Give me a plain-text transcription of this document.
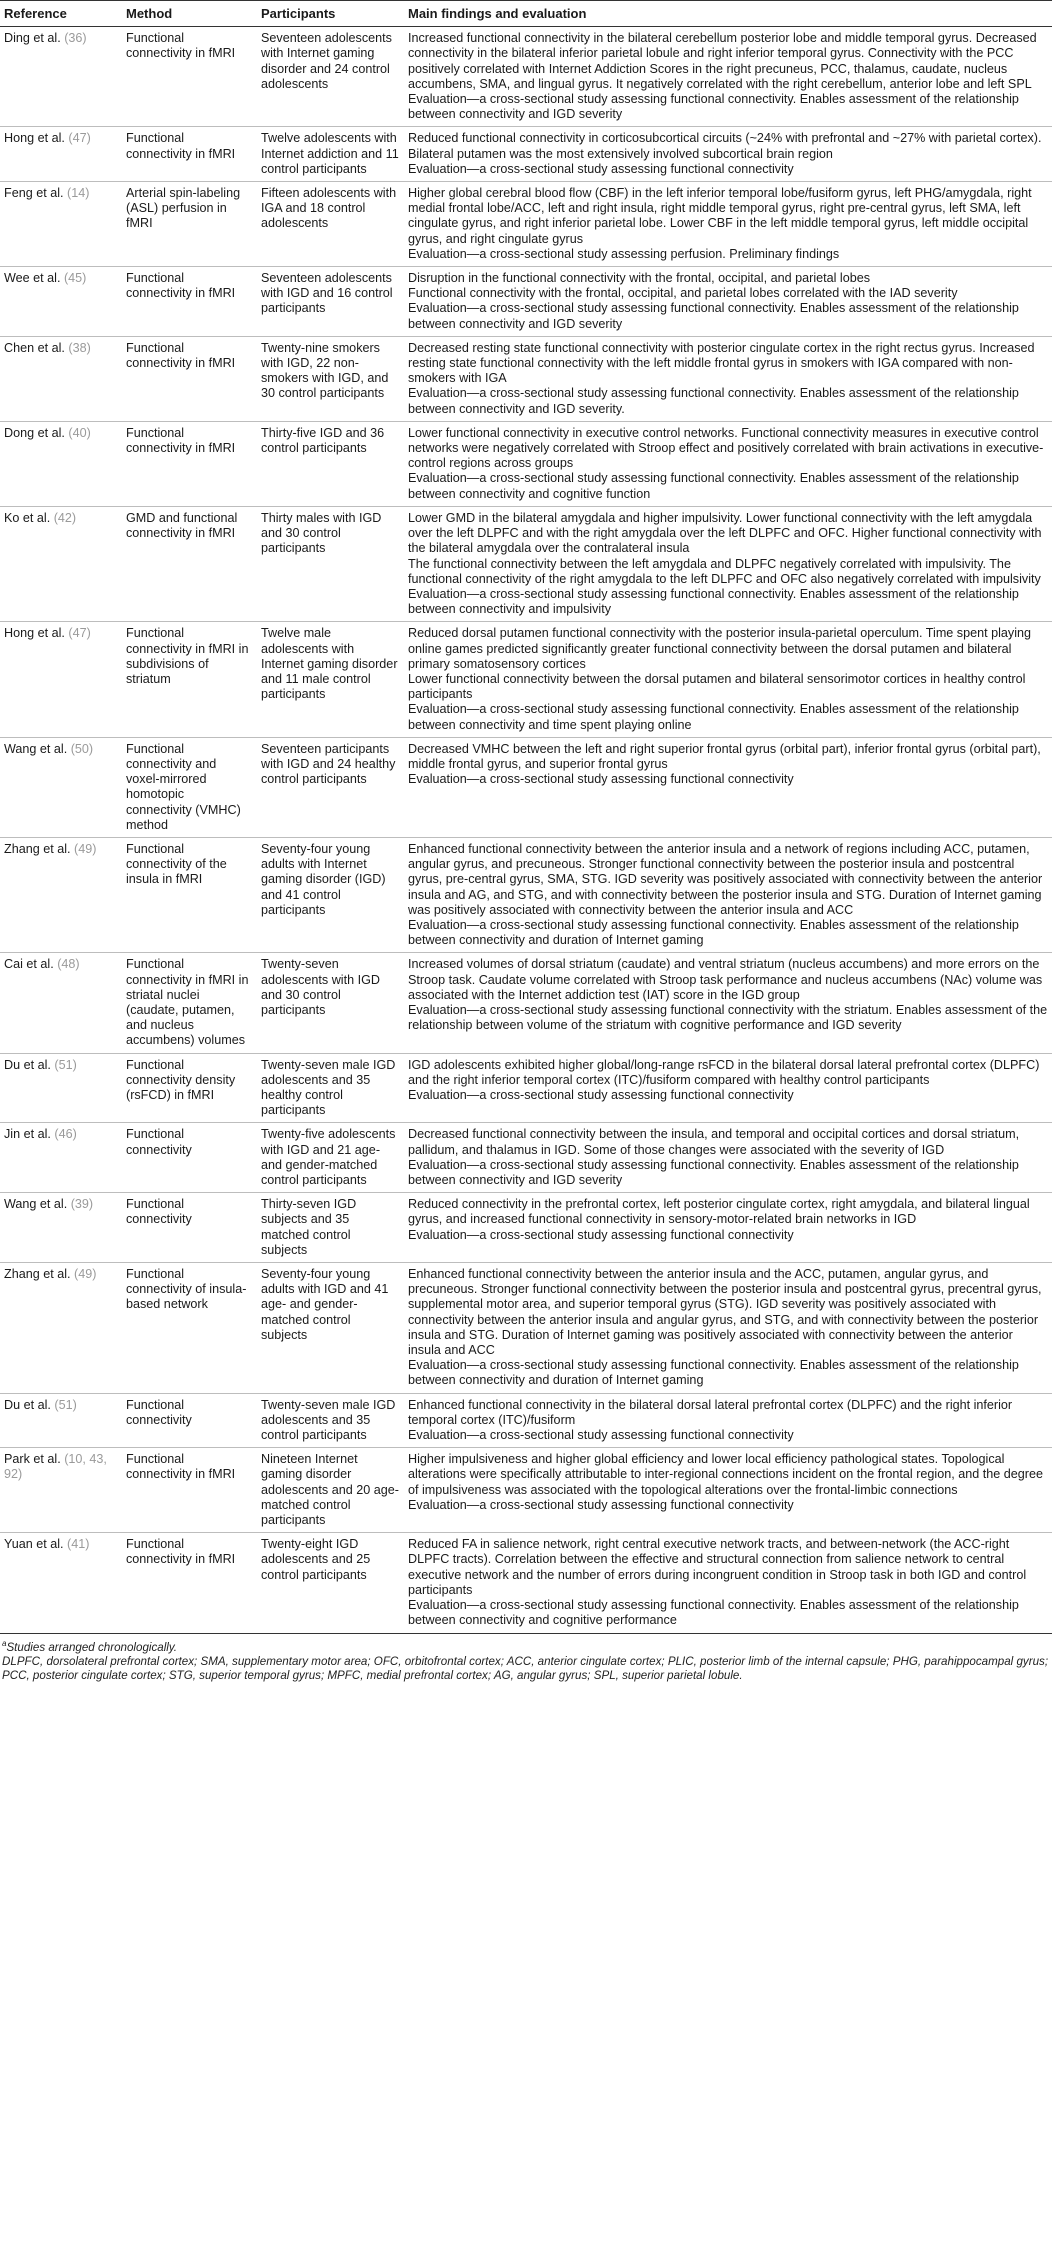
Reference	Method	Participants	Main findings and evaluation
Ding et al. (36)	Functional connectivity in fMRI	Seventeen adolescents with Internet gaming disorder and 24 control adolescents	Increased functional connectivity in the bilateral cerebellum posterior lobe and middle temporal gyrus. Decreased connectivity in the bilateral inferior parietal lobule and right inferior temporal gyrus. Connectivity with the PCC positively correlated with Internet Addiction Scores in the right precuneus, PCC, thalamus, caudate, nucleus accumbens, SMA, and lingual gyrus. It negatively correlated with the right cerebellum, anterior lobe and left SPL
Evaluation—a cross-sectional study assessing functional connectivity. Enables assessment of the relationship between connectivity and IGD severity

Hong et al. (47)	Functional connectivity in fMRI	Twelve adolescents with Internet addiction and 11 control participants	Reduced functional connectivity in corticosubcortical circuits (~24% with prefrontal and ~27% with parietal cortex). Bilateral putamen was the most extensively involved subcortical brain region
Evaluation—a cross-sectional study assessing functional connectivity

Feng et al. (14)	Arterial spin-labeling (ASL) perfusion in fMRI	Fifteen adolescents with IGA and 18 control adolescents	Higher global cerebral blood flow (CBF) in the left inferior temporal lobe/fusiform gyrus, left PHG/amygdala, right medial frontal lobe/ACC, left and right insula, right middle temporal gyrus, right pre-central gyrus, left SMA, left cingulate gyrus, and right inferior parietal lobe. Lower CBF in the left middle temporal gyrus, left middle occipital gyrus, and right cingulate gyrus
Evaluation—a cross-sectional study assessing perfusion. Preliminary findings

Wee et al. (45)	Functional connectivity in fMRI	Seventeen adolescents with IGD and 16 control participants	Disruption in the functional connectivity with the frontal, occipital, and parietal lobes
Functional connectivity with the frontal, occipital, and parietal lobes correlated with the IAD severity
Evaluation—a cross-sectional study assessing functional connectivity. Enables assessment of the relationship between connectivity and IGD severity

Chen et al. (38)	Functional connectivity in fMRI	Twenty-nine smokers with IGD, 22 non-smokers with IGD, and 30 control participants	Decreased resting state functional connectivity with posterior cingulate cortex in the right rectus gyrus. Increased resting state functional connectivity with the left middle frontal gyrus in smokers with IGA compared with non-smokers with IGA
Evaluation—a cross-sectional study assessing functional connectivity. Enables assessment of the relationship between connectivity and IGD severity.

Dong et al. (40)	Functional connectivity in fMRI	Thirty-five IGD and 36 control participants	Lower functional connectivity in executive control networks. Functional connectivity measures in executive control networks were negatively correlated with Stroop effect and positively correlated with brain activations in executive-control regions across groups
Evaluation—a cross-sectional study assessing functional connectivity. Enables assessment of the relationship between connectivity and cognitive function

Ko et al. (42)	GMD and functional connectivity in fMRI	Thirty males with IGD and 30 control participants	Lower GMD in the bilateral amygdala and higher impulsivity. Lower functional connectivity with the left amygdala over the left DLPFC and with the right amygdala over the left DLPFC and OFC. Higher functional connectivity with the bilateral amygdala over the contralateral insula
The functional connectivity between the left amygdala and DLPFC negatively correlated with impulsivity. The functional connectivity of the right amygdala to the left DLPFC and OFC also negatively correlated with impulsivity
Evaluation—a cross-sectional study assessing functional connectivity. Enables assessment of the relationship between connectivity and impulsivity

Hong et al. (47)	Functional connectivity in fMRI in subdivisions of striatum	Twelve male adolescents with Internet gaming disorder and 11 male control participants	Reduced dorsal putamen functional connectivity with the posterior insula-parietal operculum. Time spent playing online games predicted significantly greater functional connectivity between the dorsal putamen and bilateral primary somatosensory cortices
Lower functional connectivity between the dorsal putamen and bilateral sensorimotor cortices in healthy control participants
Evaluation—a cross-sectional study assessing functional connectivity. Enables assessment of the relationship between connectivity and time spent playing online

Wang et al. (50)	Functional connectivity and voxel-mirrored homotopic connectivity (VMHC) method	Seventeen participants with IGD and 24 healthy control participants	Decreased VMHC between the left and right superior frontal gyrus (orbital part), inferior frontal gyrus (orbital part), middle frontal gyrus, and superior frontal gyrus
Evaluation—a cross-sectional study assessing functional connectivity

Zhang et al. (49)	Functional connectivity of the insula in fMRI	Seventy-four young adults with Internet gaming disorder (IGD) and 41 control participants	Enhanced functional connectivity between the anterior insula and a network of regions including ACC, putamen, angular gyrus, and precuneous. Stronger functional connectivity between the posterior insula and postcentral gyrus, pre-central gyrus, SMA, STG. IGD severity was positively associated with connectivity between the anterior insula and AG, and STG, and with connectivity between the posterior insula and STG. Duration of Internet gaming was positively associated with connectivity between the anterior insula and ACC
Evaluation—a cross-sectional study assessing functional connectivity. Enables assessment of the relationship between connectivity and duration of Internet gaming

Cai et al. (48)	Functional connectivity in fMRI in striatal nuclei (caudate, putamen, and nucleus accumbens) volumes	Twenty-seven adolescents with IGD and 30 control participants	Increased volumes of dorsal striatum (caudate) and ventral striatum (nucleus accumbens) and more errors on the Stroop task. Caudate volume correlated with Stroop task performance and nucleus accumbens (NAc) volume was associated with the Internet addiction test (IAT) score in the IGD group
Evaluation—a cross-sectional study assessing functional connectivity with the striatum. Enables assessment of the relationship between volume of the striatum with cognitive performance and IGD severity

Du et al. (51)	Functional connectivity density (rsFCD) in fMRI	Twenty-seven male IGD adolescents and 35 healthy control participants	IGD adolescents exhibited higher global/long-range rsFCD in the bilateral dorsal lateral prefrontal cortex (DLPFC) and the right inferior temporal cortex (ITC)/fusiform compared with healthy control participants
Evaluation—a cross-sectional study assessing functional connectivity

Jin et al. (46)	Functional connectivity	Twenty-five adolescents with IGD and 21 age- and gender-matched control participants	Decreased functional connectivity between the insula, and temporal and occipital cortices and dorsal striatum, pallidum, and thalamus in IGD. Some of those changes were associated with the severity of IGD
Evaluation—a cross-sectional study assessing functional connectivity. Enables assessment of the relationship between connectivity and IGD severity

Wang et al. (39)	Functional connectivity	Thirty-seven IGD subjects and 35 matched control subjects	Reduced connectivity in the prefrontal cortex, left posterior cingulate cortex, right amygdala, and bilateral lingual gyrus, and increased functional connectivity in sensory-motor-related brain networks in IGD
Evaluation—a cross-sectional study assessing functional connectivity

Zhang et al. (49)	Functional connectivity of insula-based network	Seventy-four young adults with IGD and 41 age- and gender-matched control subjects	Enhanced functional connectivity between the anterior insula and the ACC, putamen, angular gyrus, and precuneous. Stronger functional connectivity between the posterior insula and postcentral gyrus, precentral gyrus, supplemental motor area, and superior temporal gyrus (STG). IGD severity was positively associated with connectivity between the anterior insula and angular gyrus, and STG, and with connectivity between the posterior insula and STG. Duration of Internet gaming was positively associated with connectivity between the anterior insula and ACC
Evaluation—a cross-sectional study assessing functional connectivity. Enables assessment of the relationship between connectivity and duration of Internet gaming

Du et al. (51)	Functional connectivity	Twenty-seven male IGD adolescents and 35 control participants	Enhanced functional connectivity in the bilateral dorsal lateral prefrontal cortex (DLPFC) and the right inferior temporal cortex (ITC)/fusiform
Evaluation—a cross-sectional study assessing functional connectivity

Park et al. (10, 43, 92)	Functional connectivity in fMRI	Nineteen Internet gaming disorder adolescents and 20 age-matched control participants	Higher impulsiveness and higher global efficiency and lower local efficiency pathological states. Topological alterations were specifically attributable to inter-regional connections incident on the frontal region, and the degree of impulsiveness was associated with the topological alterations over the frontal-limbic connections
Evaluation—a cross-sectional study assessing functional connectivity

Yuan et al. (41)	Functional connectivity in fMRI	Twenty-eight IGD adolescents and 25 control participants	Reduced FA in salience network, right central executive network tracts, and between-network (the ACC-right DLPFC tracts). Correlation between the effective and structural connection from salience network to central executive network and the number of errors during incongruent condition in Stroop task in both IGD and control participants
Evaluation—a cross-sectional study assessing functional connectivity. Enables assessment of the relationship between connectivity and cognitive performance
$^a$Studies arranged chronologically.
DLPFC, dorsolateral prefrontal cortex; SMA, supplementary motor area; OFC, orbitofrontal cortex; ACC, anterior cingulate cortex; PLIC, posterior limb of the internal capsule; PHG, parahippocampal gyrus; PCC, posterior cingulate cortex; STG, superior temporal gyrus; MPFC, medial prefrontal cortex; AG, angular gyrus; SPL, superior parietal lobule.
